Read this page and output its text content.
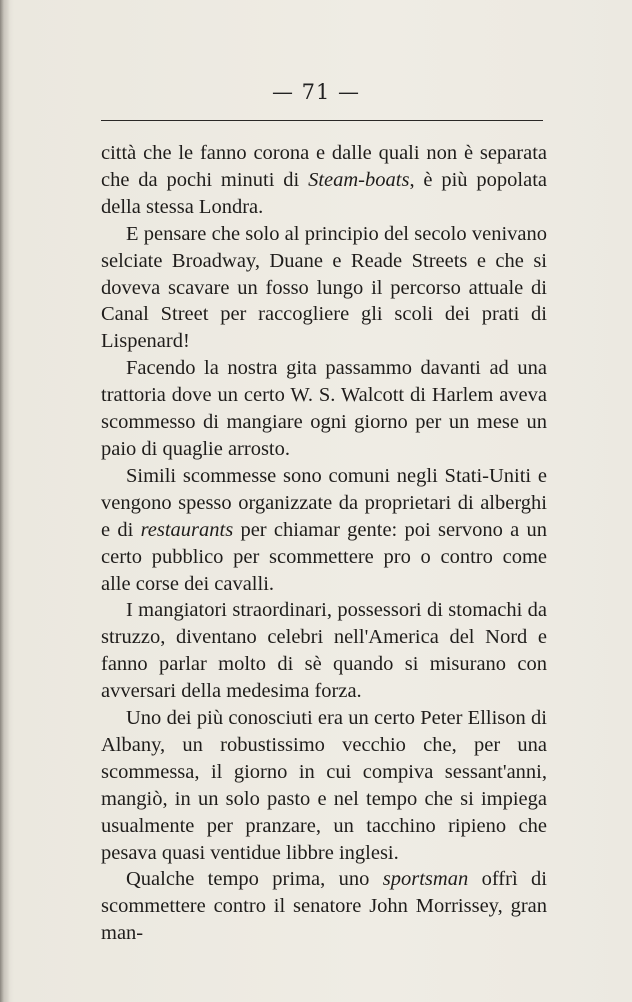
— 71 —

città che le fanno corona e dalle quali non è separata che da pochi minuti di Steam-boats, è più popolata della stessa Londra.

E pensare che solo al principio del secolo venivano selciate Broadway, Duane e Reade Streets e che si doveva scavare un fosso lungo il percorso attuale di Canal Street per raccogliere gli scoli dei prati di Lispenard!

Facendo la nostra gita passammo davanti ad una trattoria dove un certo W. S. Walcott di Harlem aveva scommesso di mangiare ogni giorno per un mese un paio di quaglie arrosto.

Simili scommesse sono comuni negli Stati-Uniti e vengono spesso organizzate da proprietari di alberghi e di restaurants per chiamar gente: poi servono a un certo pubblico per scommettere pro o contro come alle corse dei cavalli.

I mangiatori straordinari, possessori di stomachi da struzzo, diventano celebri nell'America del Nord e fanno parlar molto di sè quando si misurano con avversari della medesima forza.

Uno dei più conosciuti era un certo Peter Ellison di Albany, un robustissimo vecchio che, per una scommessa, il giorno in cui compiva sessant'anni, mangiò, in un solo pasto e nel tempo che si impiega usualmente per pranzare, un tacchino ripieno che pesava quasi ventidue libbre inglesi.

Qualche tempo prima, uno sportsman offrì di scommettere contro il senatore John Morrissey, gran man-
